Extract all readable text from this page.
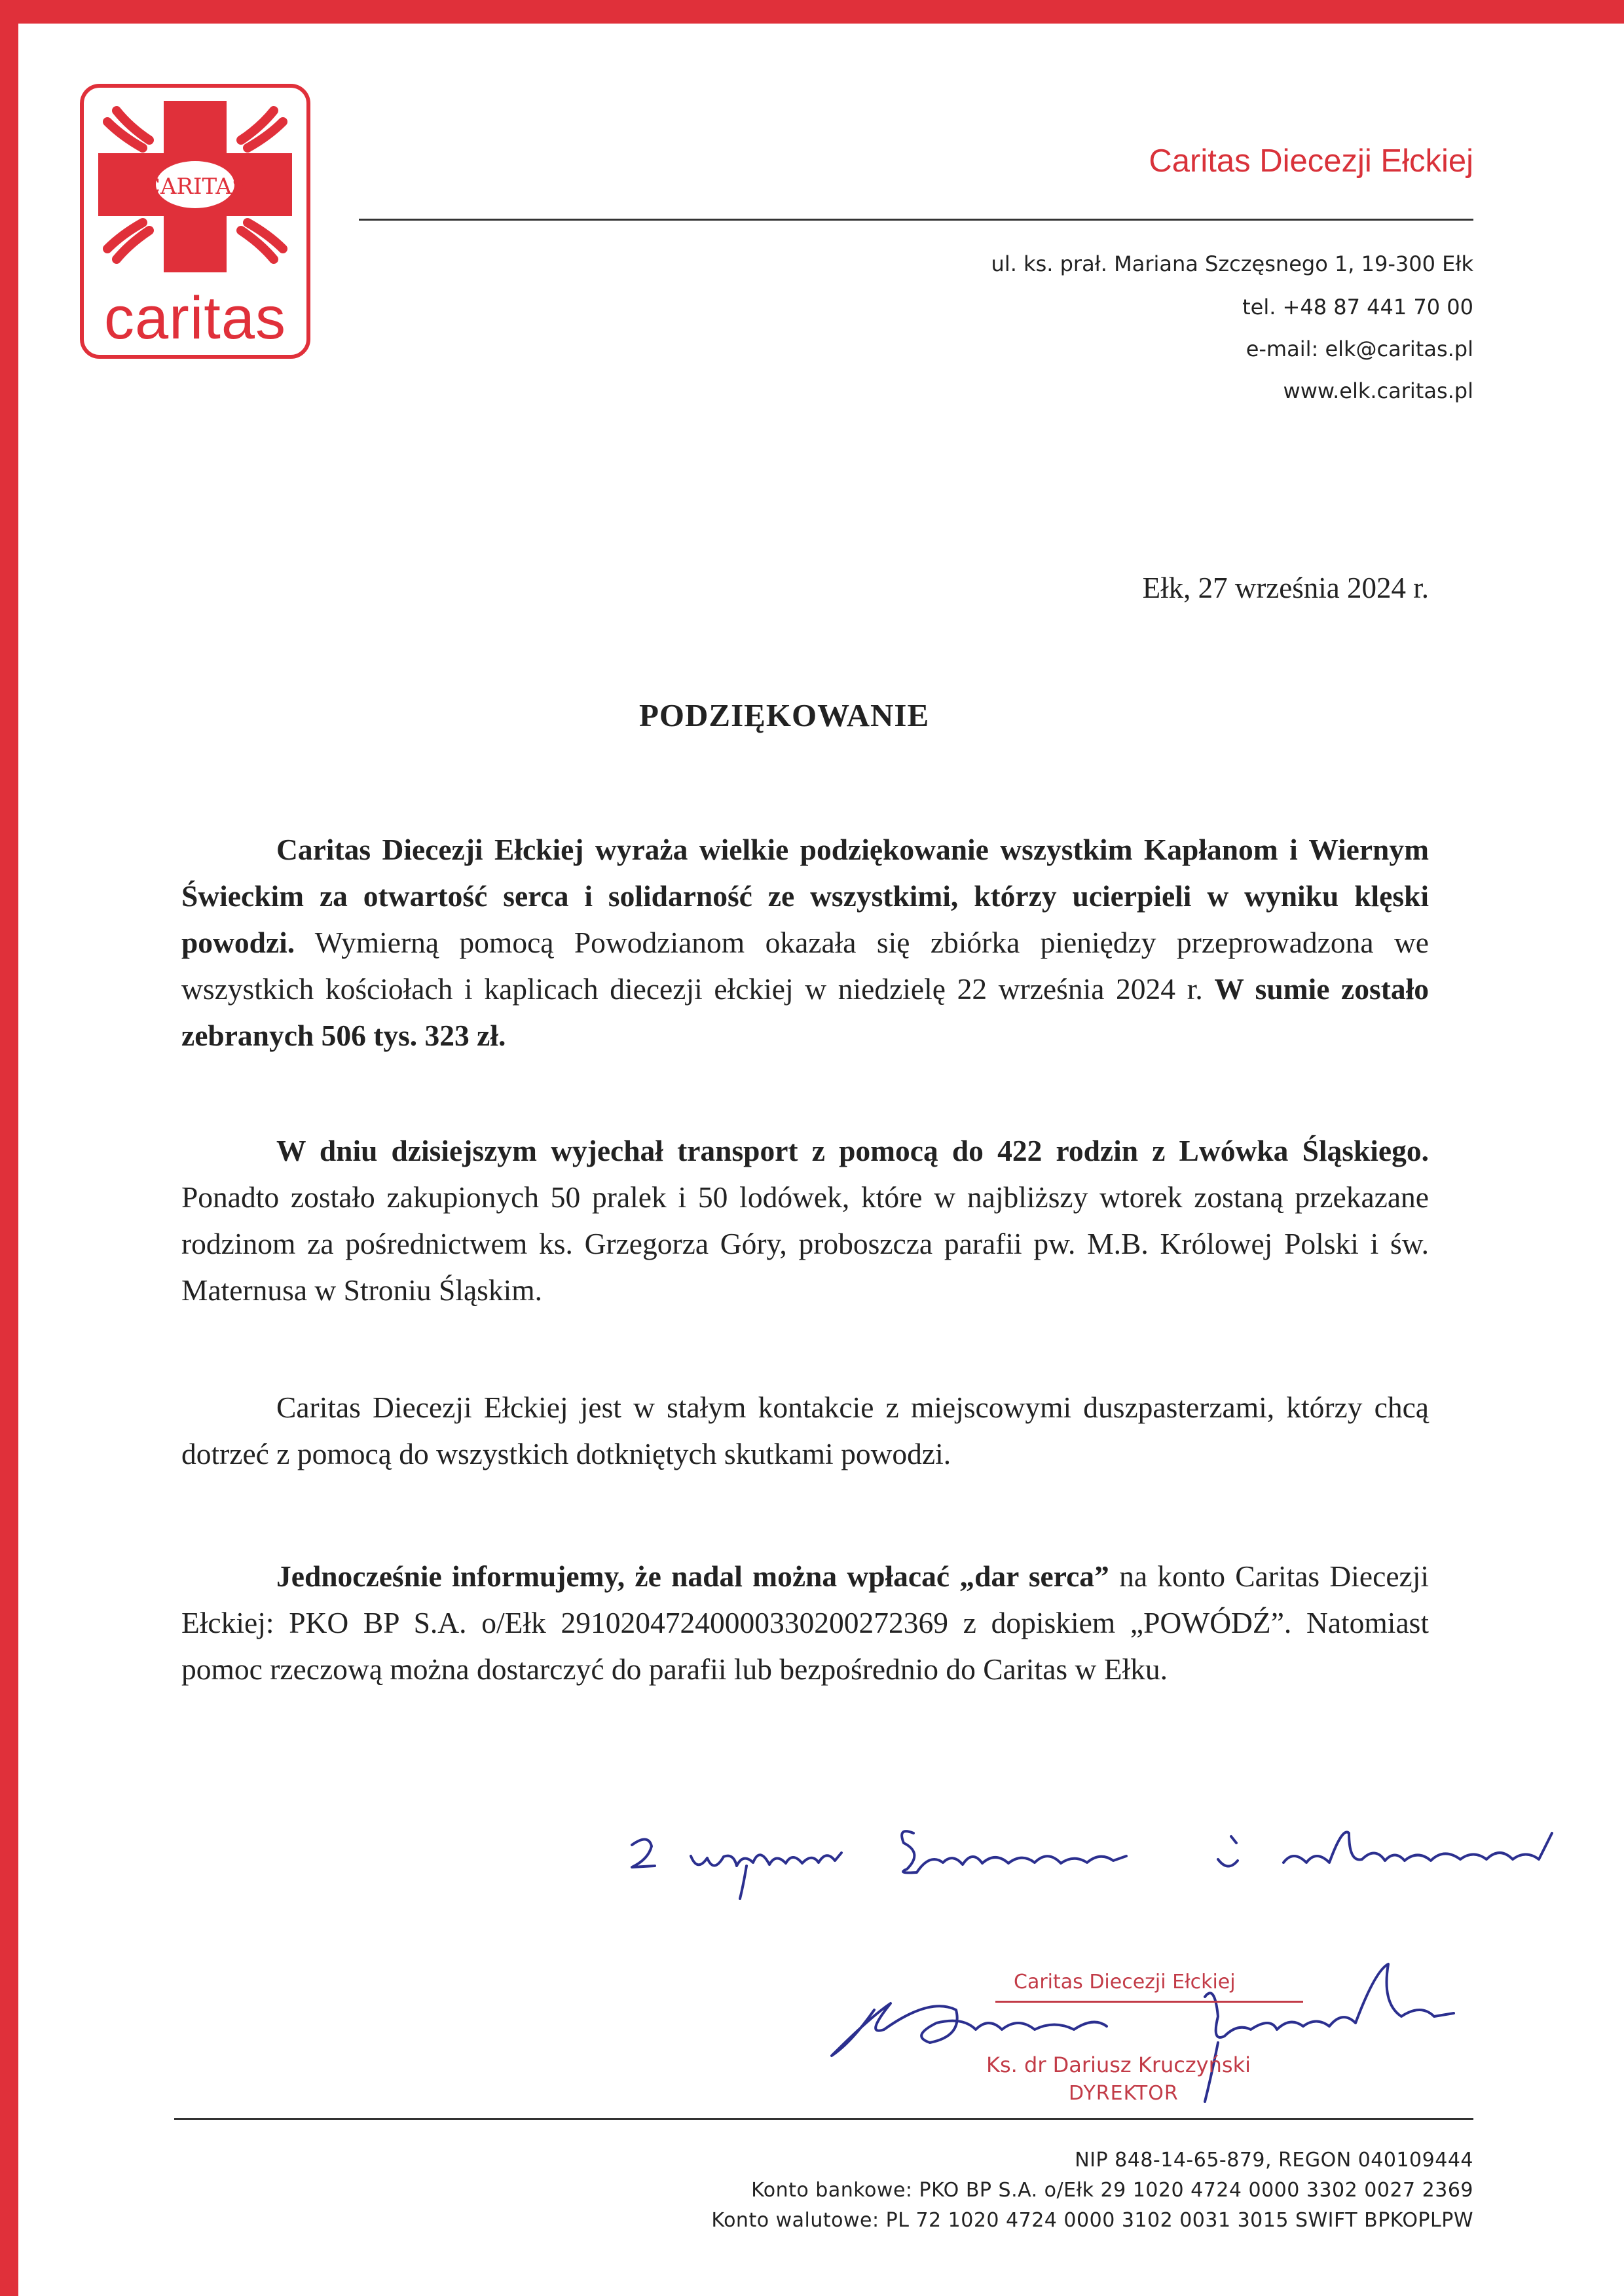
CARITAS
caritas
Caritas Diecezji Ełckiej
ul. ks. prał. Mariana Szczęsnego 1, 19-300 Ełk
tel. +48 87 441 70 00
e-mail: elk@caritas.pl
www.elk.caritas.pl
Ełk, 27 września 2024 r.
PODZIĘKOWANIE

Caritas Diecezji Ełckiej wyraża wielkie podziękowanie wszystkim Kapłanom i Wiernym Świeckim za otwartość serca i solidarność ze wszystkimi, którzy ucierpieli w wyniku klęski powodzi. Wymierną pomocą Powodzianom okazała się zbiórka pieniędzy przeprowadzona we wszystkich kościołach i kaplicach diecezji ełckiej w niedzielę 22 września 2024 r. W sumie zostało zebranych 506 tys. 323 zł.

W dniu dzisiejszym wyjechał transport z pomocą do 422 rodzin z Lwówka Śląskiego. Ponadto zostało zakupionych 50 pralek i 50 lodówek, które w najbliższy wtorek zostaną przekazane rodzinom za pośrednictwem ks. Grzegorza Góry, proboszcza parafii pw. M.B. Królowej Polski i św. Maternusa w Stroniu Śląskim.

Caritas Diecezji Ełckiej jest w stałym kontakcie z miejscowymi duszpasterzami, którzy chcą dotrzeć z pomocą do wszystkich dotkniętych skutkami powodzi.

Jednocześnie informujemy, że nadal można wpłacać „dar serca” na konto Caritas Diecezji Ełckiej: PKO BP S.A. o/Ełk 29102047240000330200272369 z dopiskiem „POWÓDŹ”. Natomiast pomoc rzeczową można dostarczyć do parafii lub bezpośrednio do Caritas w Ełku.

Caritas Diecezji Ełckiej
Ks. dr Dariusz Kruczyński
DYREKTOR
NIP 848-14-65-879, REGON 040109444
Konto bankowe: PKO BP S.A. o/Ełk 29 1020 4724 0000 3302 0027 2369
Konto walutowe: PL 72 1020 4724 0000 3102 0031 3015 SWIFT BPKOPLPW
